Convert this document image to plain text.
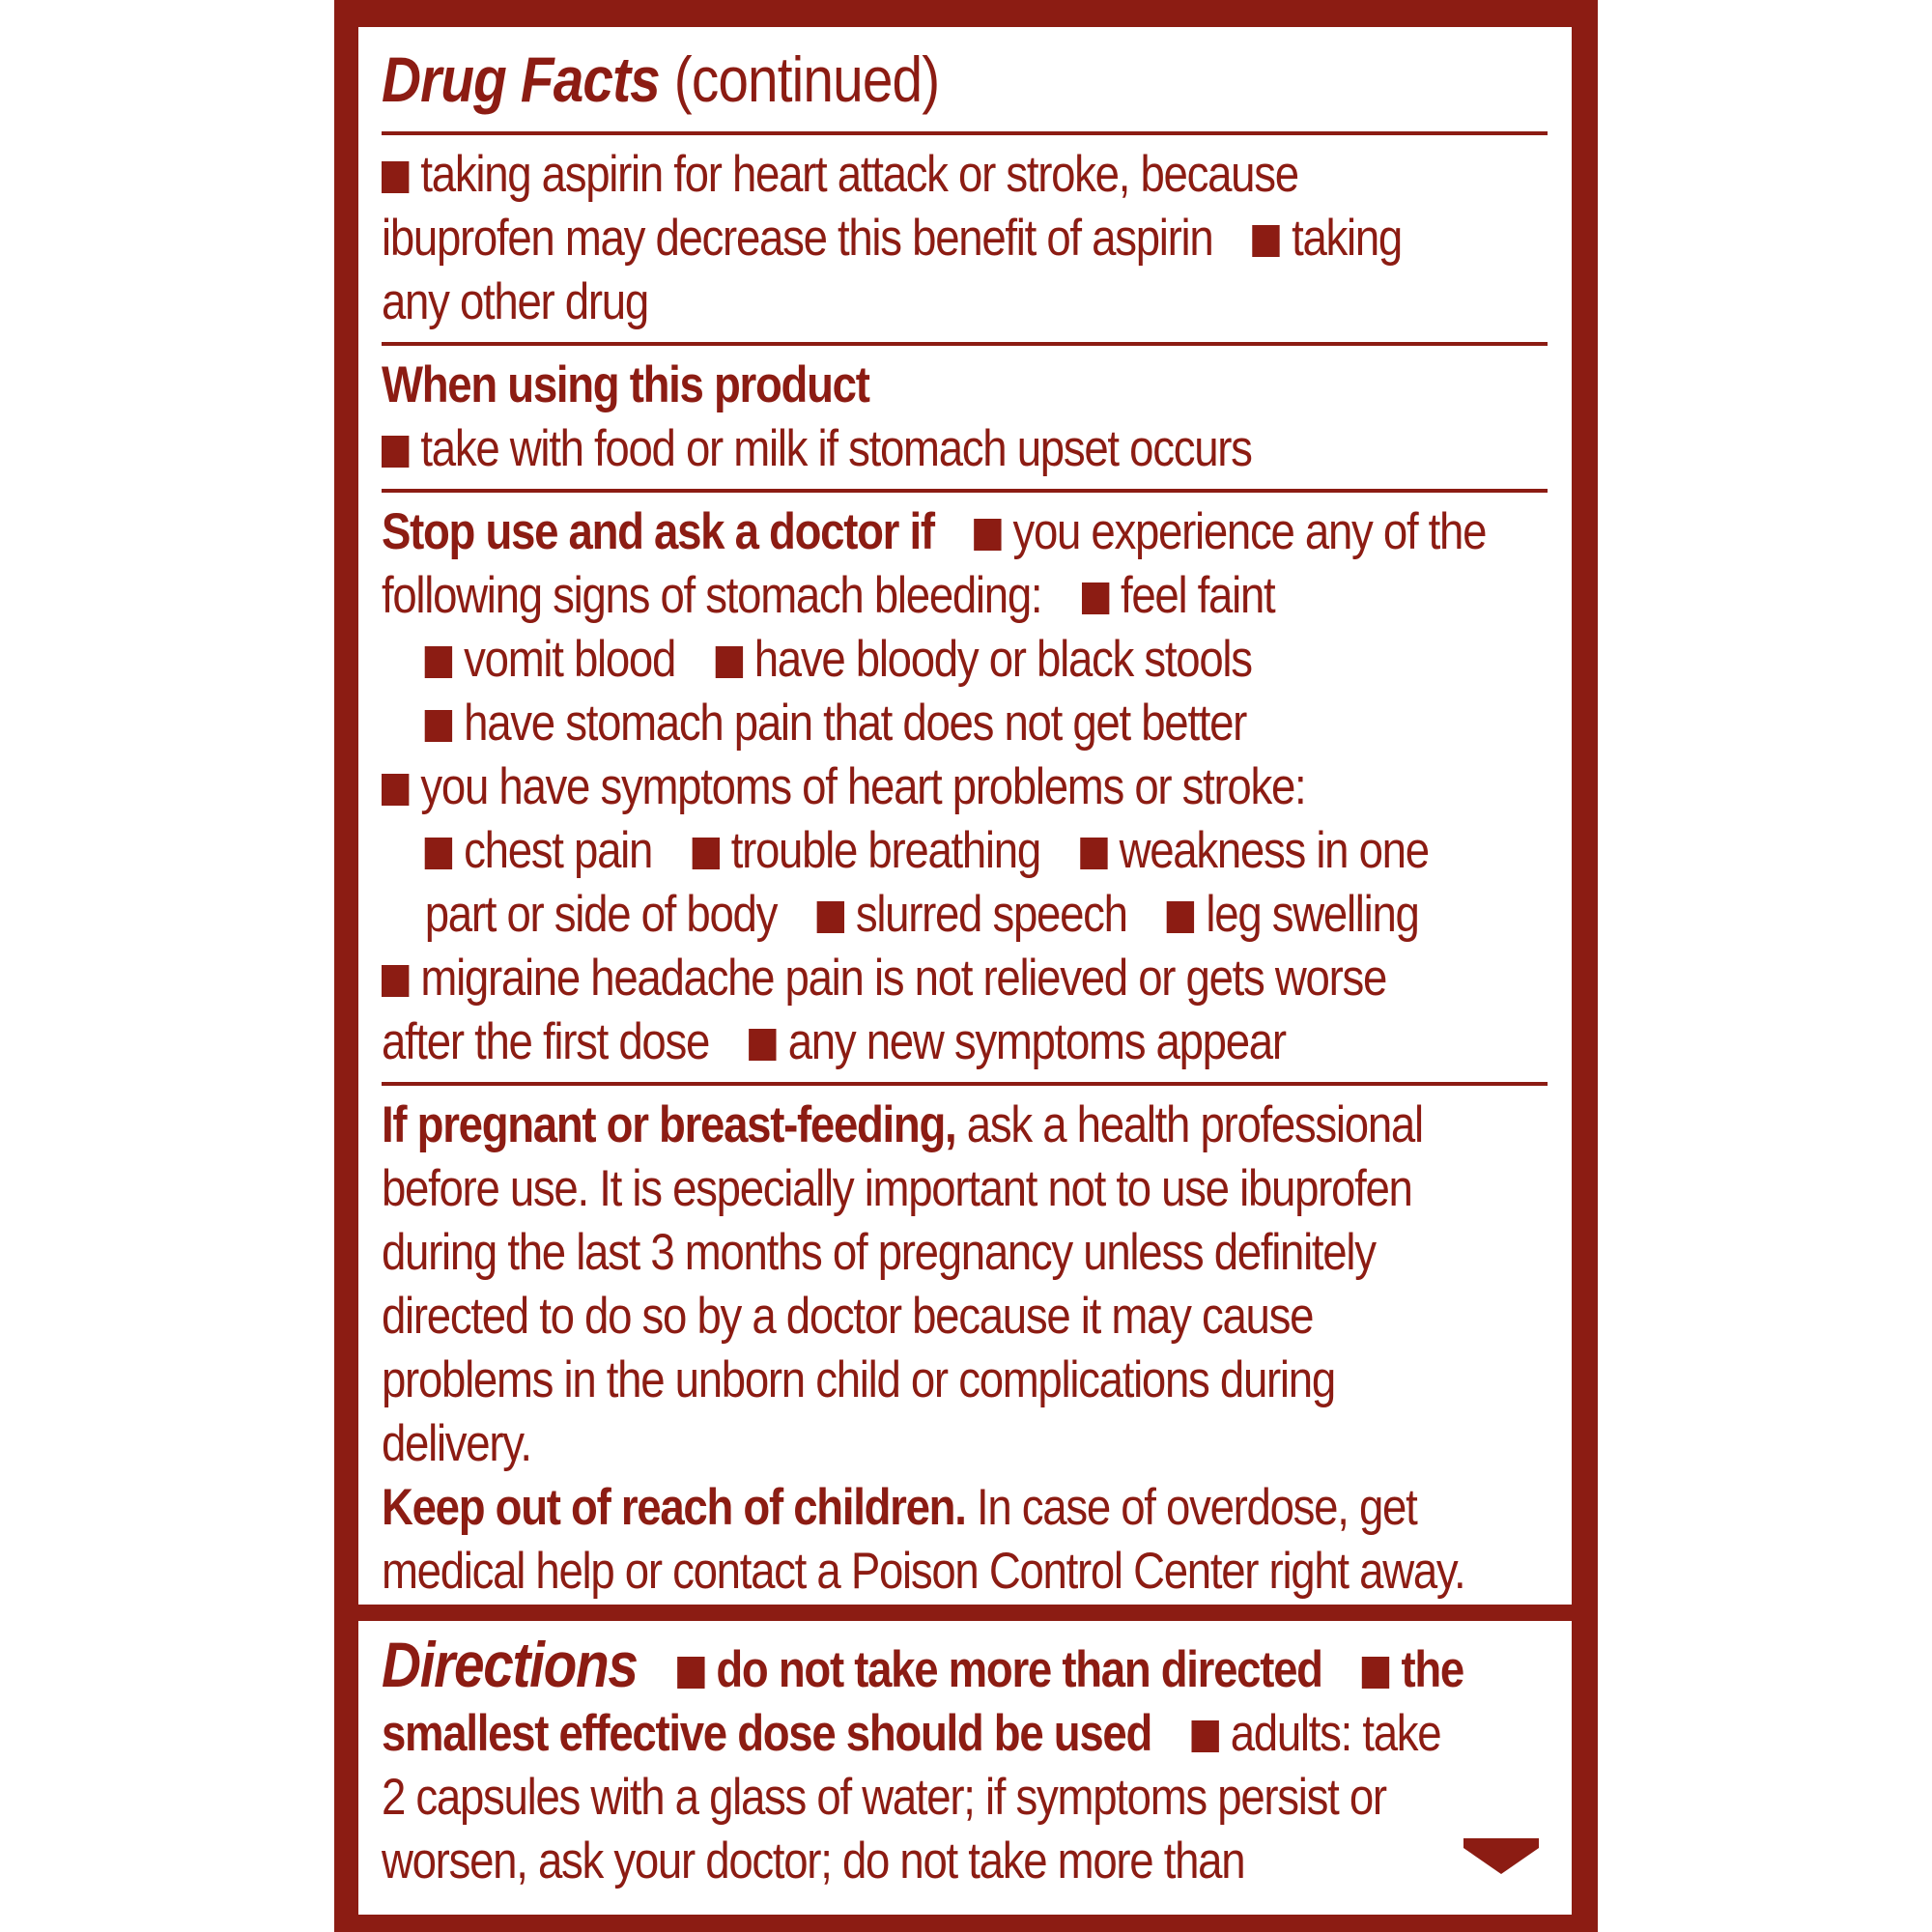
Drug Facts (continued)
taking aspirin for heart attack or stroke, because
ibuprofen may decrease this benefit of aspirin taking
any other drug
When using this product
take with food or milk if stomach upset occurs
Stop use and ask a doctor if you experience any of the
following signs of stomach bleeding: feel faint
vomit blood have bloody or black stools
have stomach pain that does not get better
you have symptoms of heart problems or stroke:
chest pain trouble breathing weakness in one
part or side of body slurred speech leg swelling
migraine headache pain is not relieved or gets worse
after the first dose any new symptoms appear
If pregnant or breast-feeding, ask a health professional
before use. It is especially important not to use ibuprofen
during the last 3 months of pregnancy unless definitely
directed to do so by a doctor because it may cause
problems in the unborn child or complications during
delivery.
Keep out of reach of children. In case of overdose, get
medical help or contact a Poison Control Center right away.
Directions do not take more than directed the
smallest effective dose should be used adults: take
2 capsules with a glass of water; if symptoms persist or
worsen, ask your doctor; do not take more than
